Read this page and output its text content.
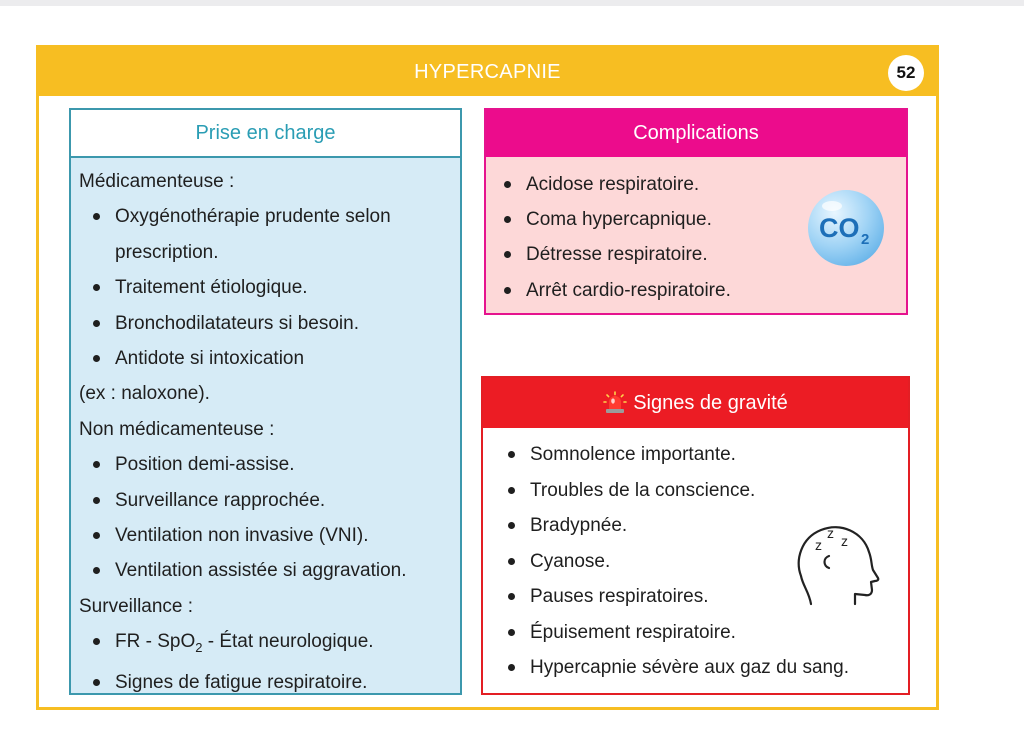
HYPERCAPNIE	52
Prise en charge
Médicamenteuse :
Oxygénothérapie prudente selon
prescription.
Traitement étiologique.
Bronchodilatateurs si besoin.
Antidote si intoxication
(ex : naloxone).
Non médicamenteuse :
Position demi-assise.
Surveillance rapprochée.
Ventilation non invasive (VNI).
Ventilation assistée si aggravation.
Surveillance :
FR - SpO$_2$ - État neurologique.
Signes de fatigue respiratoire.
Complications
Acidose respiratoire.
Coma hypercapnique.
Détresse respiratoire.
Arrêt cardio-respiratoire.
CO 2
Signes de gravité
Somnolence importante.
Troubles de la conscience.
Bradypnée.
Cyanose.
Pauses respiratoires.
Épuisement respiratoire.
Hypercapnie sévère aux gaz du sang.
z
z z
